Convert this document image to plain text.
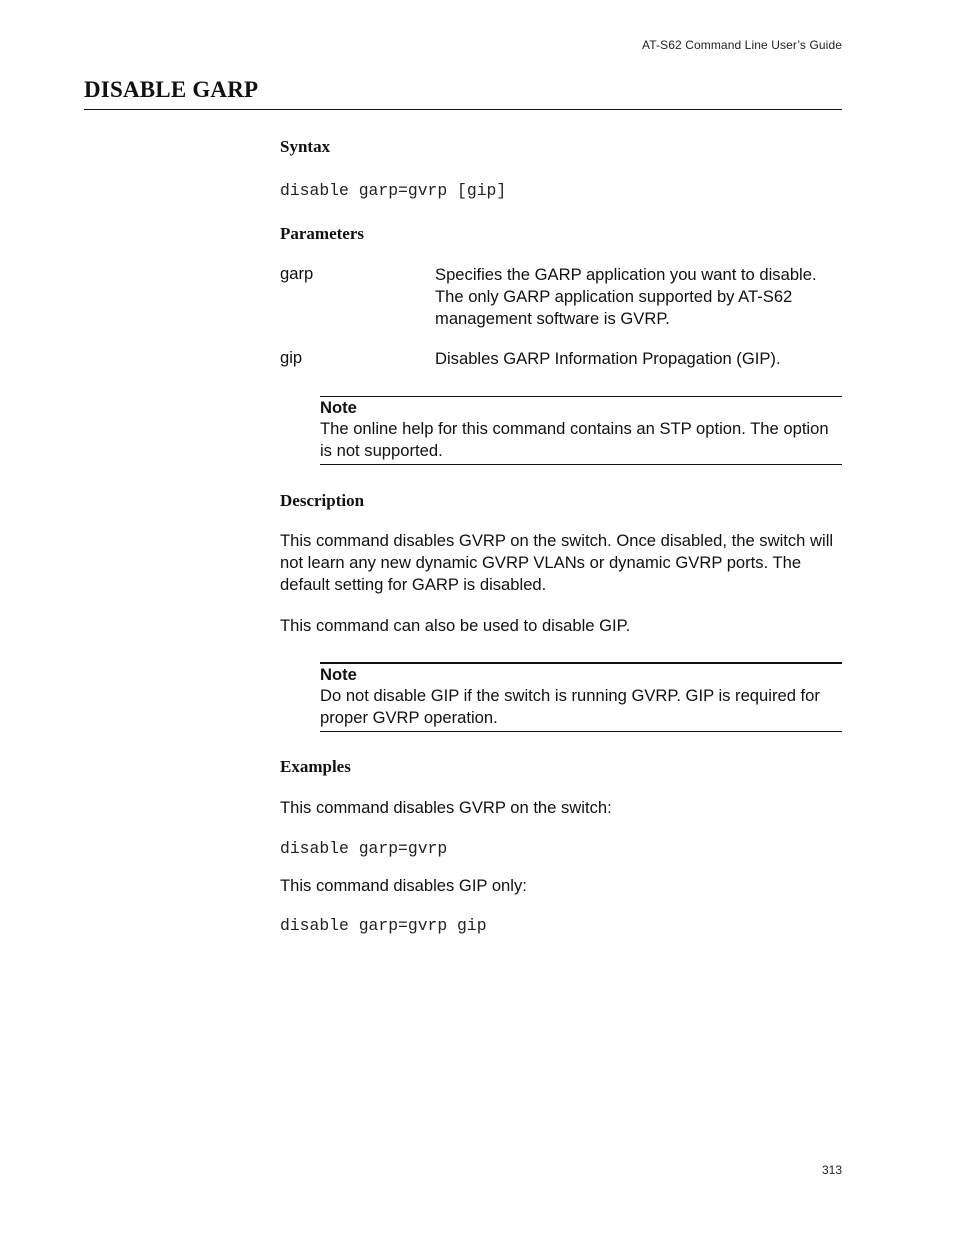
AT-S62 Command Line User’s Guide
DISABLE GARP
Syntax
disable garp=gvrp [gip]
Parameters
garp	Specifies the GARP application you want to disable. The only GARP application supported by AT-S62 management software is GVRP.

gip	Disables GARP Information Propagation (GIP).

Note
The online help for this command contains an STP option. The option is not supported.
Description

This command disables GVRP on the switch. Once disabled, the switch will not learn any new dynamic GVRP VLANs or dynamic GVRP ports. The default setting for GARP is disabled.

This command can also be used to disable GIP.

Note
Do not disable GIP if the switch is running GVRP. GIP is required for proper GVRP operation.
Examples

This command disables GVRP on the switch:

disable garp=gvrp

This command disables GIP only:

disable garp=gvrp gip
313
